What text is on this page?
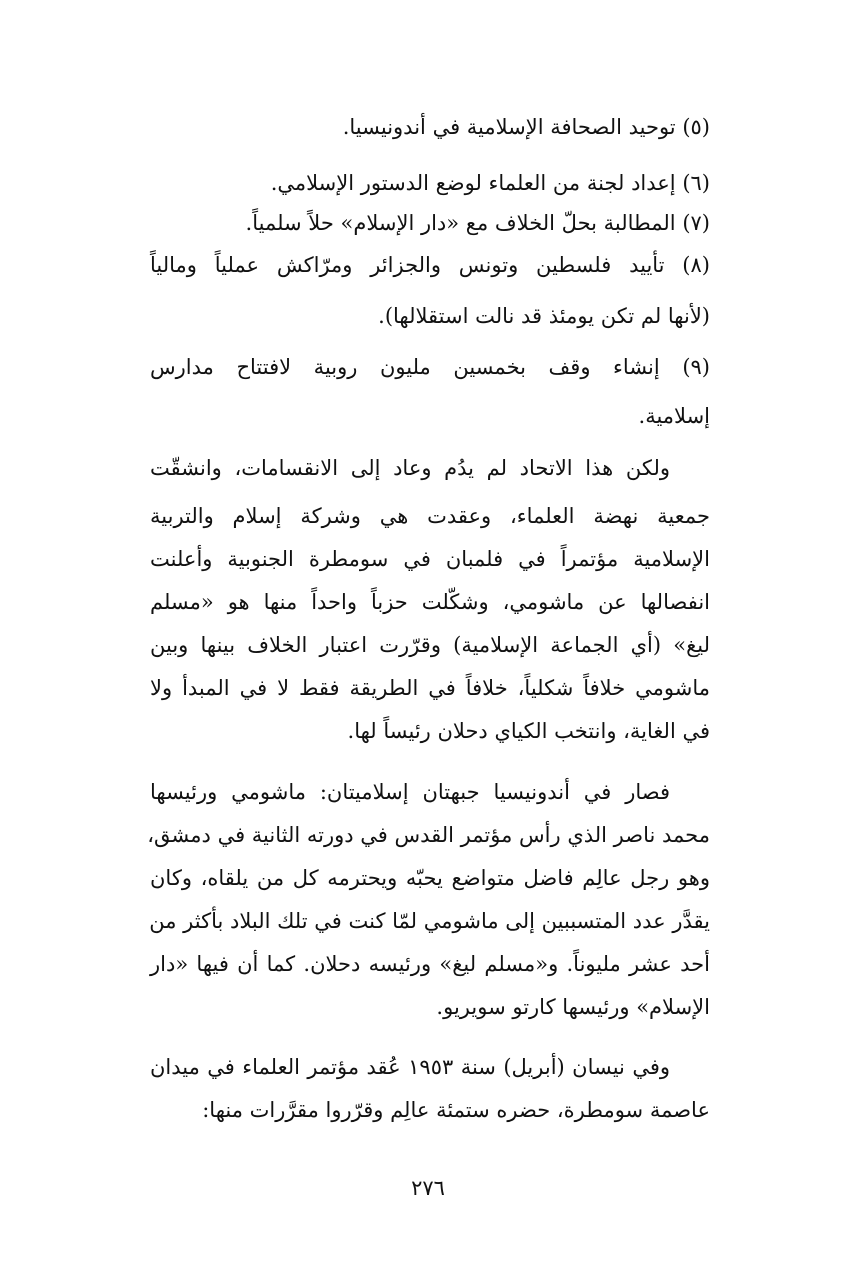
(٥) توحيد الصحافة الإسلامية في أندونيسيا.
(٦) إعداد لجنة من العلماء لوضع الدستور الإسلامي.
(٧) المطالبة بحلّ الخلاف مع «دار الإسلام» حلاً سلمياً.
(٨) تأييد فلسطين وتونس والجزائر ومرّاكش عملياً ومالياً
(لأنها لم تكن يومئذ قد نالت استقلالها).
(٩) إنشاء وقف بخمسين مليون روبية لافتتاح مدارس
إسلامية.
ولكن هذا الاتحاد لم يدُم وعاد إلى الانقسامات، وانشقّت
جمعية نهضة العلماء، وعقدت هي وشركة إسلام والتربية
الإسلامية مؤتمراً في فلمبان في سومطرة الجنوبية وأعلنت
انفصالها عن ماشومي، وشكّلت حزباً واحداً منها هو «مسلم
ليغ» (أي الجماعة الإسلامية) وقرّرت اعتبار الخلاف بينها وبين
ماشومي خلافاً شكلياً، خلافاً في الطريقة فقط لا في المبدأ ولا
في الغاية، وانتخب الكياي دحلان رئيساً لها.
فصار في أندونيسيا جبهتان إسلاميتان: ماشومي ورئيسها
محمد ناصر الذي رأس مؤتمر القدس في دورته الثانية في دمشق،
وهو رجل عالِم فاضل متواضع يحبّه ويحترمه كل من يلقاه، وكان
يقدَّر عدد المتسببين إلى ماشومي لمّا كنت في تلك البلاد بأكثر من
أحد عشر مليوناً. و«مسلم ليغ» ورئيسه دحلان. كما أن فيها «دار
الإسلام» ورئيسها كارتو سويريو.
وفي نيسان (أبريل) سنة ١٩٥٣ عُقد مؤتمر العلماء في ميدان
عاصمة سومطرة، حضره ستمئة عالِم وقرّروا مقرَّرات منها:
٢٧٦
